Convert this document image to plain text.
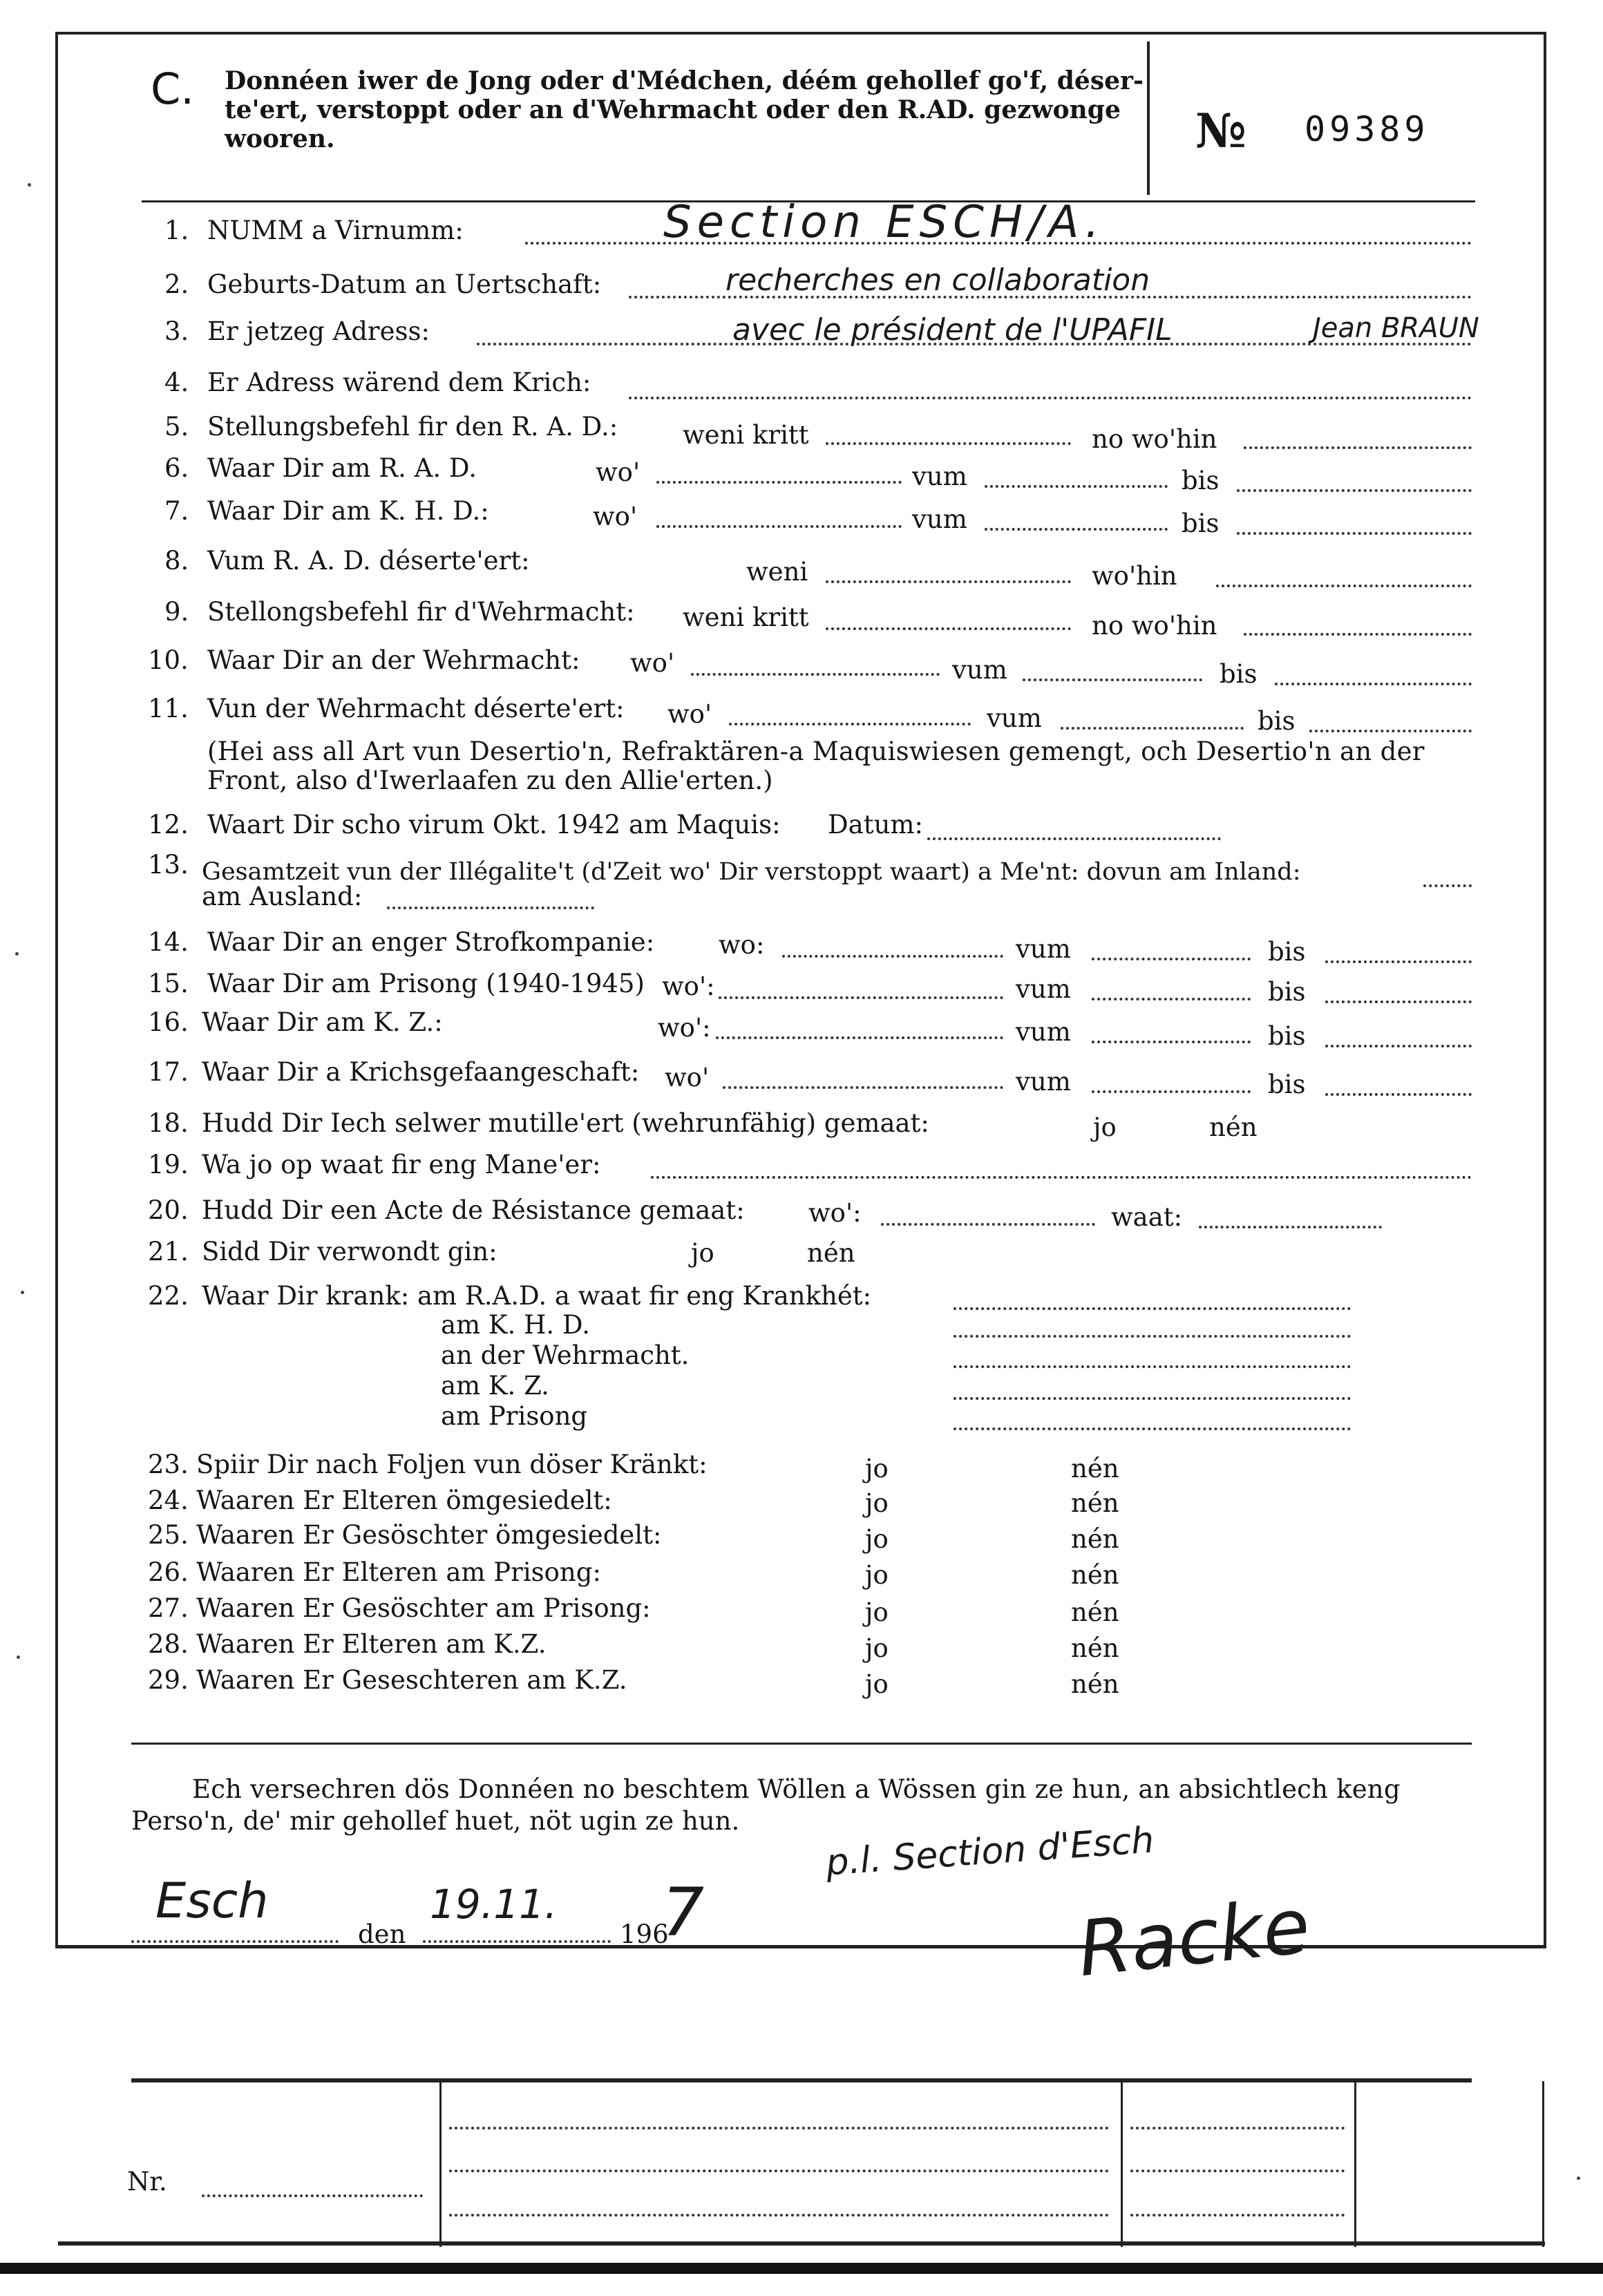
C. Donnéen iwer de Jong oder d'Médchen, déém gehollef go'f, déser-
te'ert, verstoppt oder an d'Wehrmacht oder den R.AD. gezwonge
wooren.	№ 09389
1. NUMM a Virnumm:	Section ESCH/A.
2. Geburts-Datum an Uertschaft:	recherches en collaboration
3. Er jetzeg Adress:	avec le président de l'UPAFIL	Jean BRAUN
4. Er Adress wärend dem Krich:
5. Stellungsbefehl fir den R. A. D.:	weni kritt	no wo'hin
6. Waar Dir am R. A. D.	wo'	vum	bis
7. Waar Dir am K. H. D.:	wo'	vum	bis
8. Vum R. A. D. déserte'ert:	weni	wo'hin
9. Stellongsbefehl fir d'Wehrmacht: weni kritt	no wo'hin
10. Waar Dir an der Wehrmacht: wo'	vum	bis
11. Vun der Wehrmacht déserte'ert: wo'	vum	bis
(Hei ass all Art vun Desertio'n, Refraktären-a Maquiswiesen gemengt, och Desertio'n an der
Front, also d'Iwerlaafen zu den Allie'erten.)
12. Waart Dir scho virum Okt. 1942 am Maquis: Datum:
13. Gesamtzeit vun der Illégalite't (d'Zeit wo' Dir verstoppt waart) a Me'nt: dovun am Inland:
am Ausland:
14. Waar Dir an enger Strofkompanie:	wo:	vum	bis
15. Waar Dir am Prisong (1940-1945) wo':	vum	bis
16. Waar Dir am K. Z.:	wo':	vum	bis
17. Waar Dir a Krichsgefaangeschaft: wo'	vum	bis
18. Hudd Dir Iech selwer mutille'ert (wehrunfähig) gemaat:	jo	nén
19. Wa jo op waat fir eng Mane'er:
20. Hudd Dir een Acte de Résistance gemaat: wo':	waat:
21. Sidd Dir verwondt gin:	jo	nén
22. Waar Dir krank: am R.A.D. a waat fir eng Krankhét:
am K. H. D.
an der Wehrmacht.
am K. Z.
am Prisong
23. Spiir Dir nach Foljen vun döser Kränkt:	jo	nén
24. Waaren Er Elteren ömgesiedelt:	jo	nén
25. Waaren Er Gesöschter ömgesiedelt:	jo	nén
26. Waaren Er Elteren am Prisong:	jo	nén
27. Waaren Er Gesöschter am Prisong:	jo	nén
28. Waaren Er Elteren am K.Z.	jo	nén
29. Waaren Er Geseschteren am K.Z.	jo	nén
Ech versechren dös Donnéen no beschtem Wöllen a Wössen gin ze hun, an absichtlech keng
Perso'n, de' mir gehollef huet, nöt ugin ze hun.
Esch
den
19.11.
196
7
p.l. Section d'Esch
Racke
Nr.
